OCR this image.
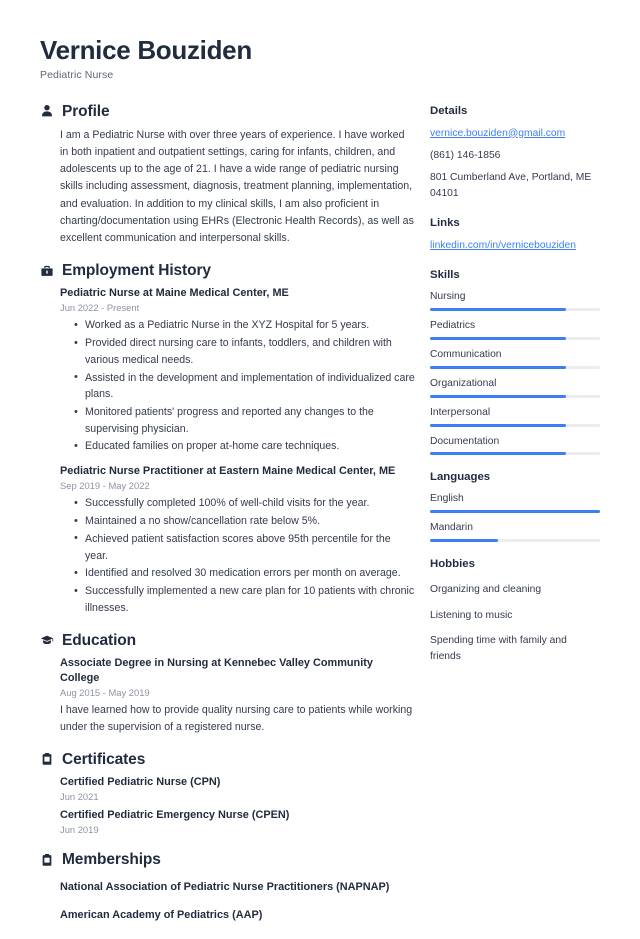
Vernice Bouziden

Pediatric Nurse

Profile

I am a Pediatric Nurse with over three years of experience. I have worked in both inpatient and outpatient settings, caring for infants, children, and adolescents up to the age of 21. I have a wide range of pediatric nursing skills including assessment, diagnosis, treatment planning, implementation, and evaluation. In addition to my clinical skills, I am also proficient in charting/documentation using EHRs (Electronic Health Records), as well as excellent communication and interpersonal skills.

Employment History

Pediatric Nurse at Maine Medical Center, ME

Jun 2022 - Present

• Worked as a Pediatric Nurse in the XYZ Hospital for 5 years.
• Provided direct nursing care to infants, toddlers, and children with various medical needs.
• Assisted in the development and implementation of individualized care plans.
• Monitored patients' progress and reported any changes to the supervising physician.
• Educated families on proper at-home care techniques.

Pediatric Nurse Practitioner at Eastern Maine Medical Center, ME

Sep 2019 - May 2022

• Successfully completed 100% of well-child visits for the year.
• Maintained a no show/cancellation rate below 5%.
• Achieved patient satisfaction scores above 95th percentile for the year.
• Identified and resolved 30 medication errors per month on average.
• Successfully implemented a new care plan for 10 patients with chronic illnesses.
Education

Associate Degree in Nursing at Kennebec Valley Community College

Aug 2015 - May 2019

I have learned how to provide quality nursing care to patients while working under the supervision of a registered nurse.

Certificates

Certified Pediatric Nurse (CPN)

Jun 2021

Certified Pediatric Emergency Nurse (CPEN)

Jun 2019

Memberships

National Association of Pediatric Nurse Practitioners (NAPNAP)

American Academy of Pediatrics (AAP)

Details

vernice.bouziden@gmail.com

(861) 146-1856

801 Cumberland Ave, Portland, ME 04101

Links

linkedin.com/in/vernicebouziden

Skills

Nursing
Pediatrics
Communication
Organizational
Interpersonal
Documentation

Languages

English
Mandarin

Hobbies

Organizing and cleaning

Listening to music

Spending time with family and friends
